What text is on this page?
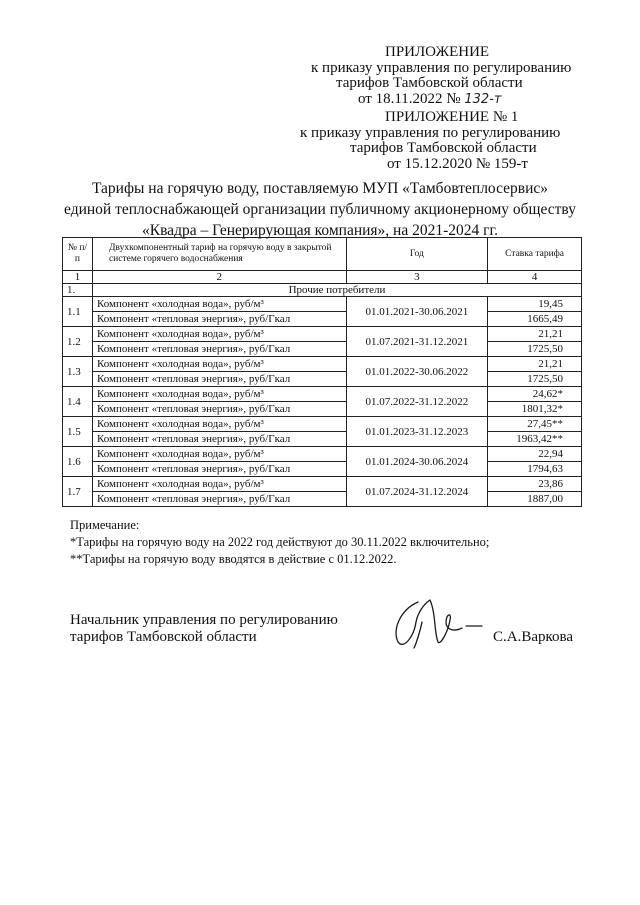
ПРИЛОЖЕНИЕ
к приказу управления по регулированию
тарифов Тамбовской области
от 18.11.2022 № 132-т
ПРИЛОЖЕНИЕ № 1
к приказу управления по регулированию
тарифов Тамбовской области
от 15.12.2020 № 159-т
Тарифы на горячую воду, поставляемую МУП «Тамбовтеплосервис»
единой теплоснабжающей организации публичному акционерному обществу
«Квадра – Генерирующая компания», на 2021-2024 гг.
№ п/п	Двухкомпонентный тариф на горячую воду в закрытой системе горячего водоснабжения	Год	Ставка тарифа
1	2	3	4
1.	Прочие потребители		
1.1	Компонент «холодная вода», руб/м³	01.01.2021-30.06.2021	19,45
	Компонент «тепловая энергия», руб/Гкал		1665,49
1.2	Компонент «холодная вода», руб/м³	01.07.2021-31.12.2021	21,21
	Компонент «тепловая энергия», руб/Гкал		1725,50
1.3	Компонент «холодная вода», руб/м³	01.01.2022-30.06.2022	21,21
	Компонент «тепловая энергия», руб/Гкал		1725,50
1.4	Компонент «холодная вода», руб/м³	01.07.2022-31.12.2022	24,62*
	Компонент «тепловая энергия», руб/Гкал		1801,32*
1.5	Компонент «холодная вода», руб/м³	01.01.2023-31.12.2023	27,45**
	Компонент «тепловая энергия», руб/Гкал		1963,42**
1.6	Компонент «холодная вода», руб/м³	01.01.2024-30.06.2024	22,94
	Компонент «тепловая энергия», руб/Гкал		1794,63
1.7	Компонент «холодная вода», руб/м³	01.07.2024-31.12.2024	23,86
	Компонент «тепловая энергия», руб/Гкал		1887,00
Примечание:
*Тарифы на горячую воду на 2022 год действуют до 30.11.2022 включительно;
**Тарифы на горячую воду вводятся в действие с 01.12.2022.
Начальник управления по регулированию
тарифов Тамбовской области	С.А.Варкова
